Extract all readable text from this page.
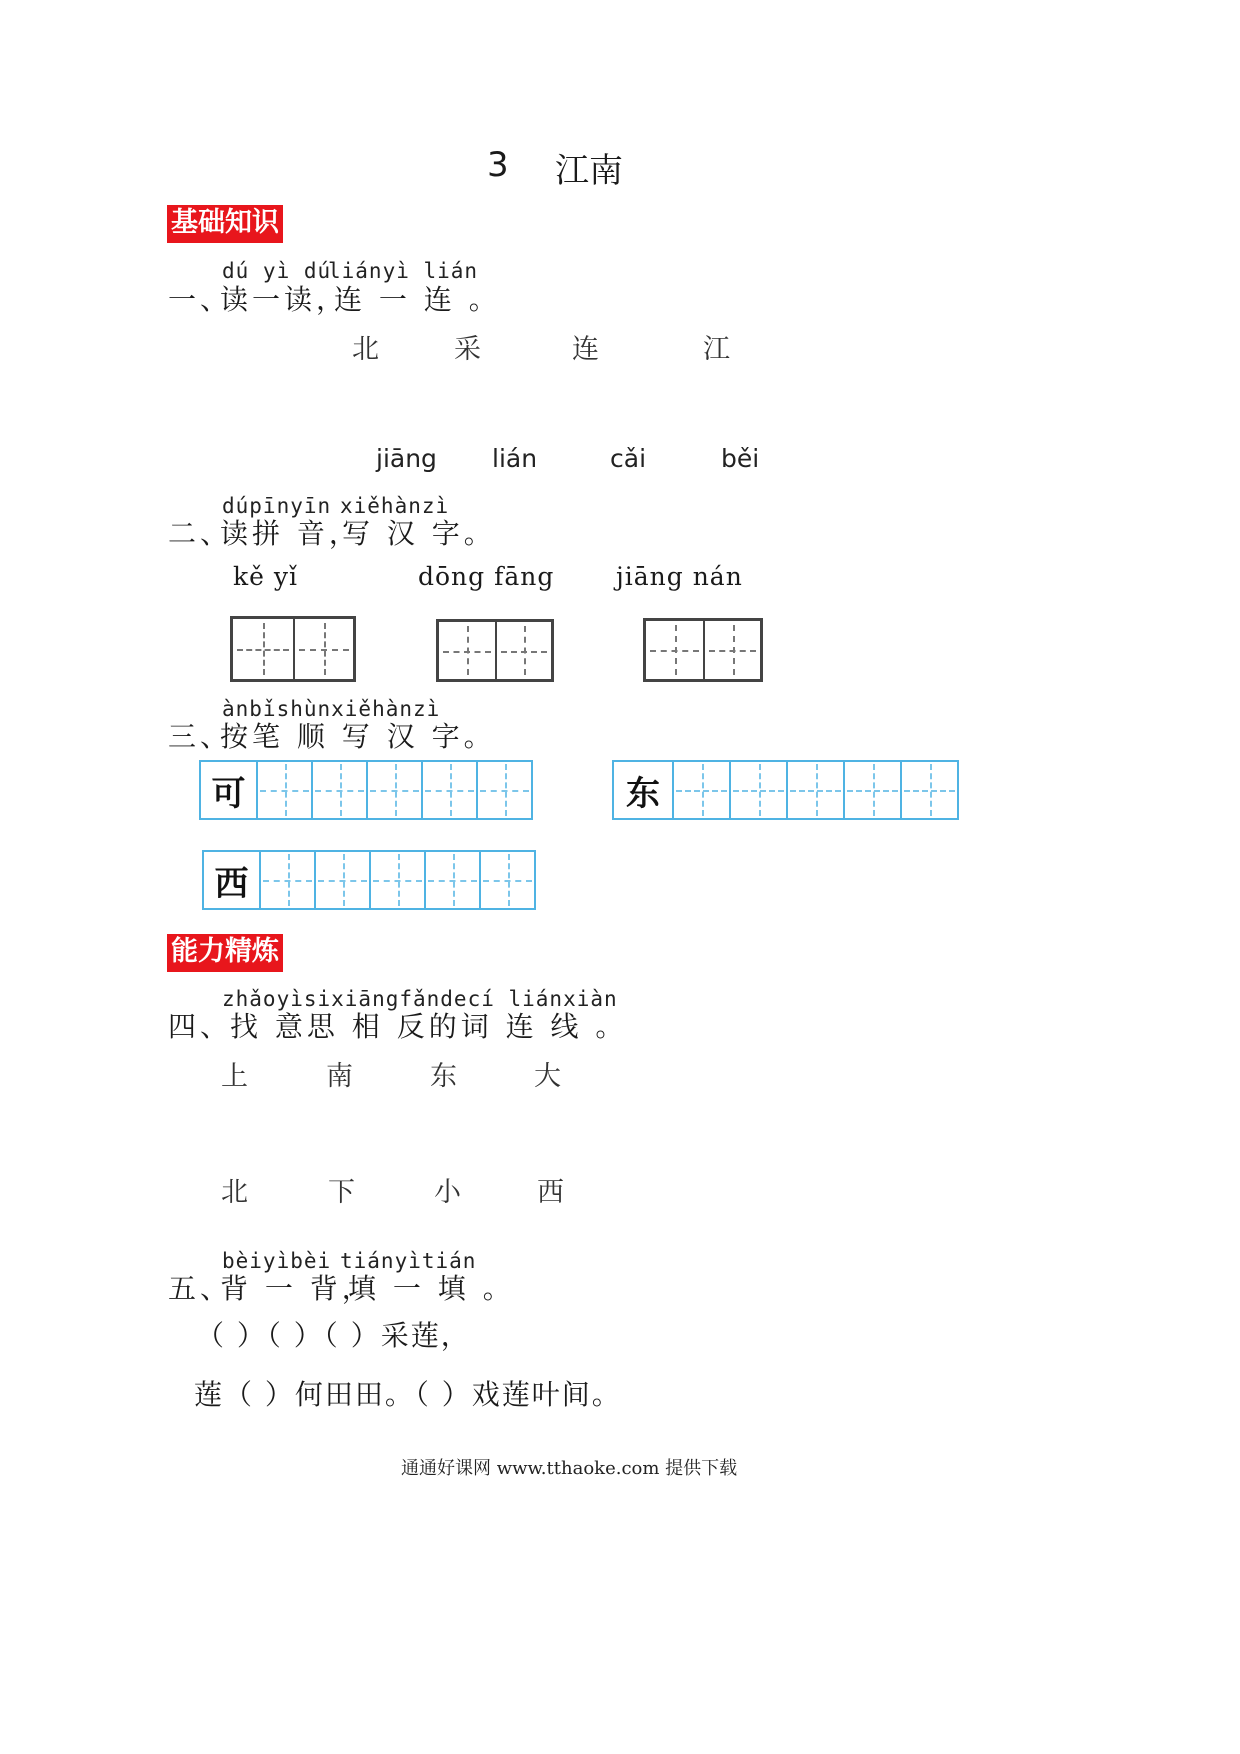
3 江南
基础知识
dú yì dú
liányì lián
一、
读一读，
连 一 连 。
北	采	连	江
jiāng lián	cǎi	běi
dúpīnyīn xiěhànzì
二、
读拼 音，
写 汉 字。
kě yǐ	dōng fāng jiāng nán
ànbǐshùnxiěhànzì
三、
按笔 顺 写 汉 字。
可	东
西
能力精炼
zhǎoyìsixiāngfǎndecí liánxiàn
四、
找 意思 相 反的词 连 线 。
上	南	东	大
北	下	小	西
bèiyìbèi tiányìtián
五、
背 一 背，
填 一 填 。
（ ）（ ）（ ）采莲，
莲（ ）何田田。（ ）戏莲叶间。
通通好课网 www.tthaoke.com 提供下载
